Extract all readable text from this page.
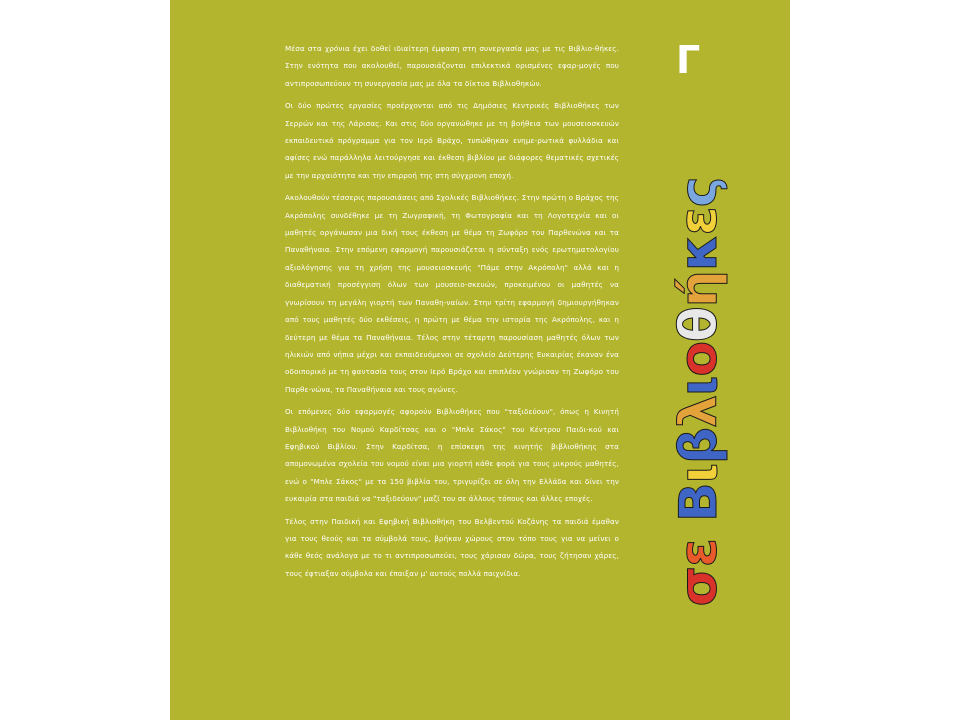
Μέσα στα χρόνια έχει δοθεί ιδιαίτερη έμφαση στη συνεργασία μας με τις Βιβλιο-θήκες. Στην ενότητα που ακολουθεί, παρουσιάζονται επιλεκτικά ορισμένες εφαρ-μογές που αντιπροσωπεύουν τη συνεργασία μας με όλα τα δίκτυα Βιβλιοθηκών.

Οι δύο πρώτες εργασίες προέρχονται από τις Δημόσιες Κεντρικές Βιβλιοθήκες των Σερρών και της Λάρισας. Και στις δύο οργανώθηκε με τη βοήθεια των μουσειοσκευών εκπαιδευτικό πρόγραμμα για τον Ιερό Βράχο, τυπώθηκαν ενημε-ρωτικά φυλλάδια και αφίσες ενώ παράλληλα λειτούργησε και έκθεση βιβλίου με διάφορες θεματικές σχετικές με την αρχαιότητα και την επιρροή της στη σύγχρονη εποχή.

Ακολουθούν τέσσερις παρουσιάσεις από Σχολικές Βιβλιοθήκες. Στην πρώτη ο Βράχος της Ακρόπολης συνδέθηκε με τη Ζωγραφική, τη Φωτογραφία και τη Λογοτεχνία και οι μαθητές οργάνωσαν μια δική τους έκθεση με θέμα τη Ζωφόρο του Παρθενώνα και τα Παναθήναια. Στην επόμενη εφαρμογή παρουσιάζεται η σύνταξη ενός ερωτηματολογίου αξιολόγησης για τη χρήση της μουσειοσκευής "Πάμε στην Ακρόπολη" αλλά και η διαθεματική προσέγγιση όλων των μουσειο-σκευών, προκειμένου οι μαθητές να γνωρίσουν τη μεγάλη γιορτή των Παναθη-ναίων. Στην τρίτη εφαρμογή δημιουργήθηκαν από τους μαθητές δύο εκθέσεις, η πρώτη με θέμα την ιστορία της Ακρόπολης, και η δεύτερη με θέμα τα Παναθήναια. Τέλος στην τέταρτη παρουσίαση μαθητές όλων των ηλικιών από νήπια μέχρι και εκπαιδευόμενοι σε σχολείο Δεύτερης Ευκαιρίας έκαναν ένα οδοιπορικό με τη φαντασία τους στον Ιερό Βράχο και επιπλέον γνώρισαν τη Ζωφόρο του Παρθε-νώνα, τα Παναθήναια και τους αγώνες.

Οι επόμενες δύο εφαρμογές αφορούν Βιβλιοθήκες που "ταξιδεύουν", όπως η Κινητή Βιβλιοθήκη του Νομού Καρδίτσας και ο "Μπλε Σάκος" του Κέντρου Παιδι-κού και Εφηβικού Βιβλίου. Στην Καρδίτσα, η επίσκεψη της κινητής βιβλιοθήκης στα απομονωμένα σχολεία του νομού είναι μια γιορτή κάθε φορά για τους μικρούς μαθητές, ενώ ο "Μπλε Σάκος" με τα 150 βιβλία του, τριγυρίζει σε όλη την Ελλάδα και δίνει την ευκαιρία στα παιδιά να "ταξιδεύουν" μαζί του σε άλλους τόπους και άλλες εποχές.

Τέλος στην Παιδική και Εφηβική Βιβλιοθήκη του Βελβεντού Κοζάνης τα παιδιά έμαθαν για τους θεούς και τα σύμβολά τους, βρήκαν χώρους στον τόπο τους για να μείνει ο κάθε θεός ανάλογα με το τι αντιπροσωπεύει, τους χάρισαν δώρα, τους ζήτησαν χάρες, τους έφτιαξαν σύμβολα και έπαιξαν μ' αυτούς πολλά παιχνίδια.

Γ
σε Βιβλιοθήκες
